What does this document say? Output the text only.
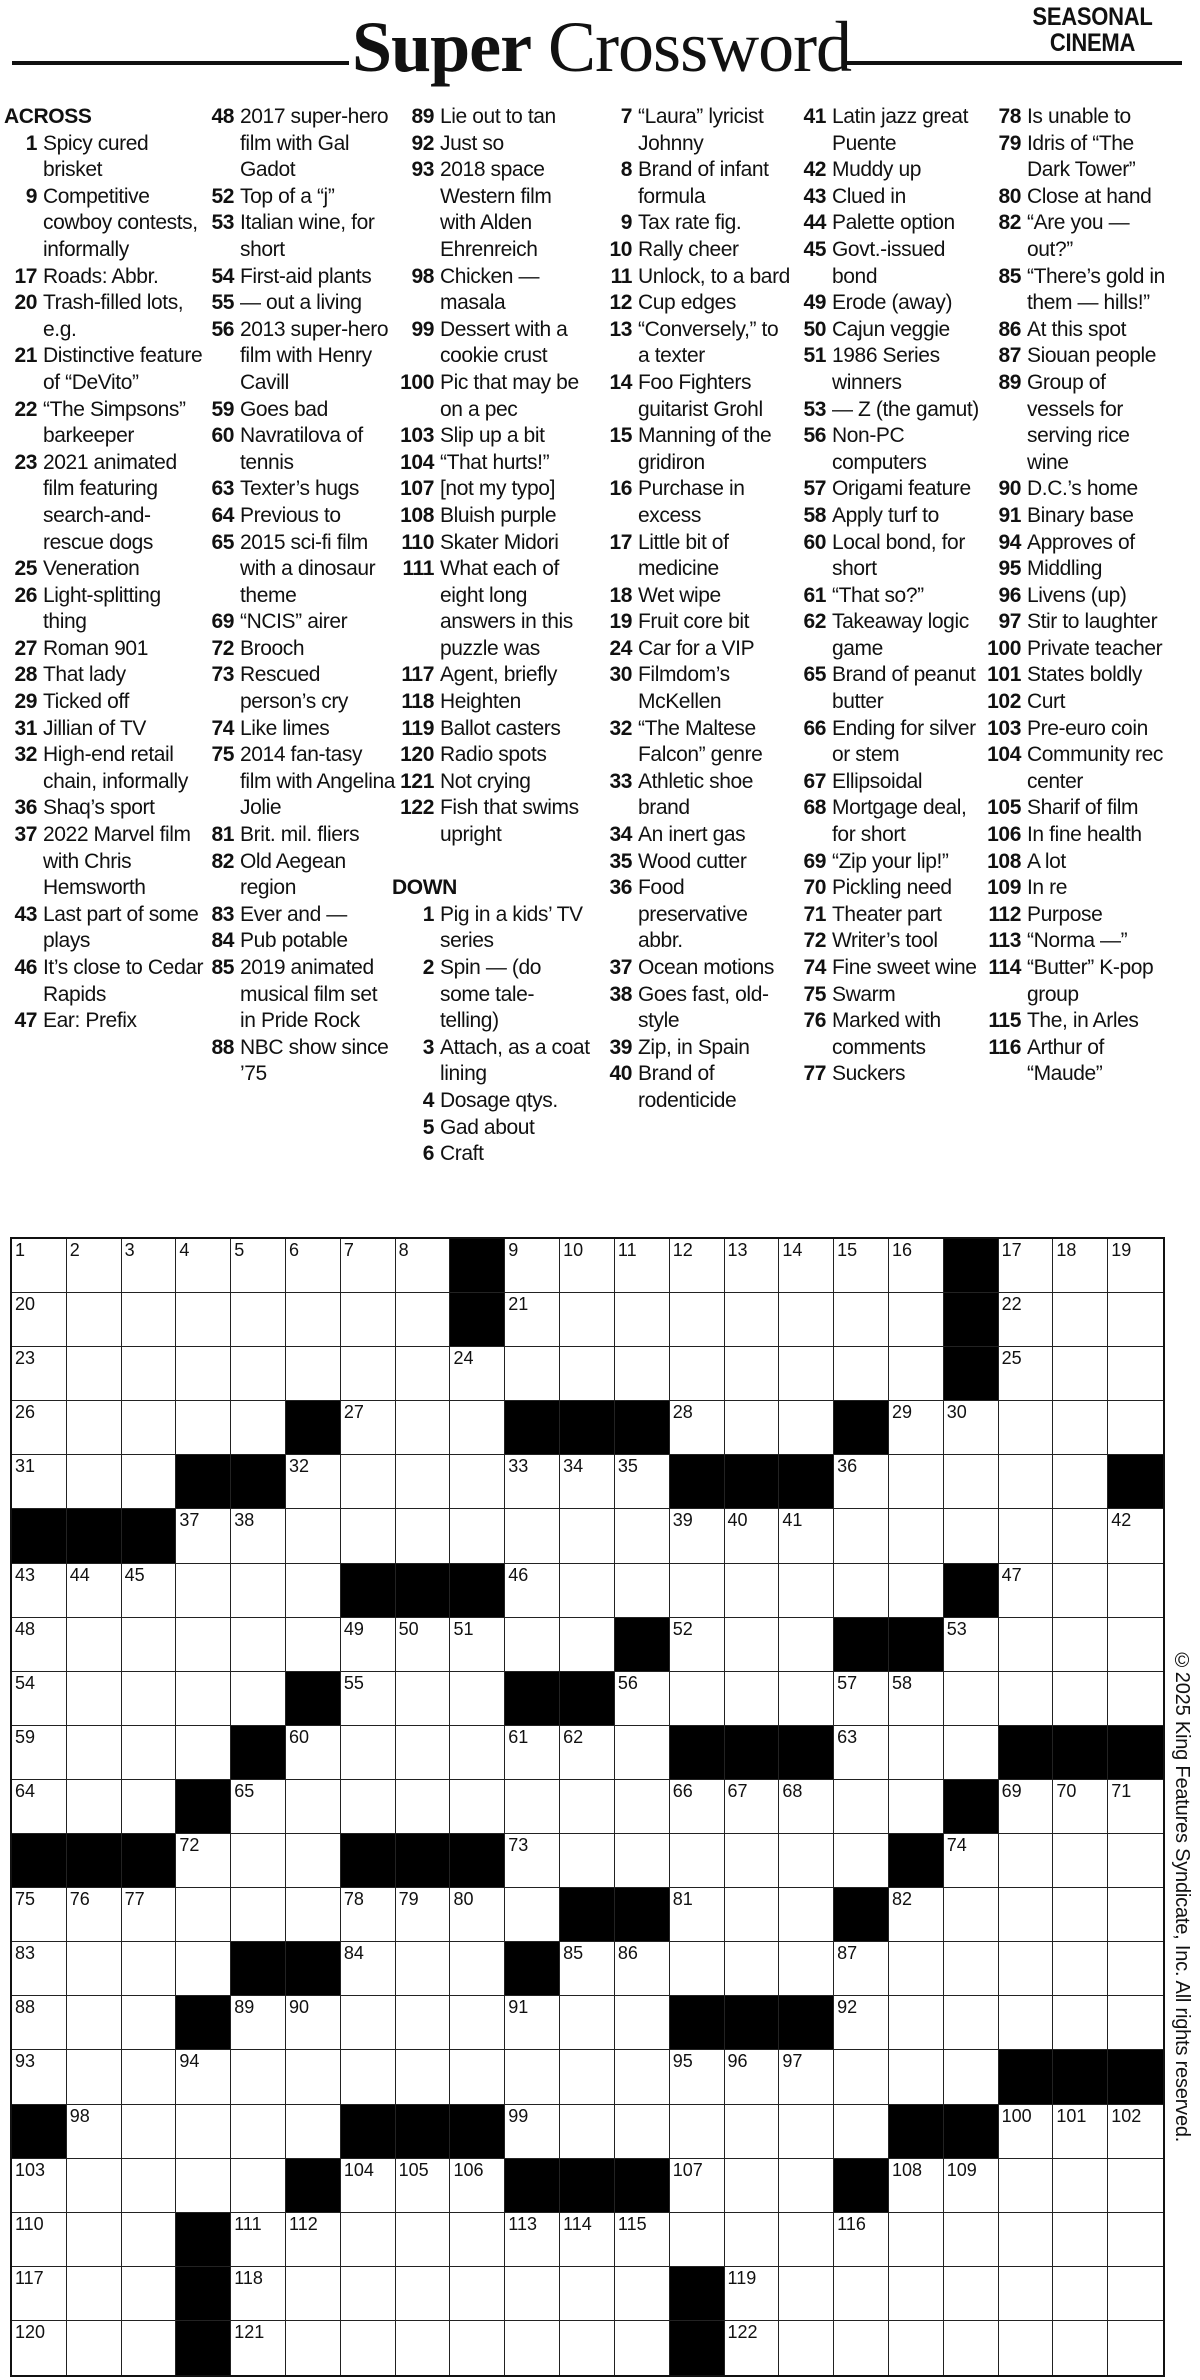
Super Crossword	SEASONAL
CINEMA
ACROSS
1 Spicy cured brisket
9 Competitive cowboy contests, informally
17 Roads: Abbr.
20 Trash-filled lots, e.g.
21 Distinctive feature of “DeVito”
22 “The Simpsons” barkeeper
23 2021 animated film featuring search-and-rescue dogs
25 Veneration
26 Light-splitting thing
27 Roman 901
28 That lady
29 Ticked off
31 Jillian of TV
32 High-end retail chain, informally
36 Shaq’s sport
37 2022 Marvel film with Chris Hemsworth
43 Last part of some plays
46 It’s close to Cedar Rapids
47 Ear: Prefix
48 2017 super-hero film with Gal Gadot
52 Top of a “j”
53 Italian wine, for short
54 First-aid plants
55 — out a living
56 2013 super-hero film with Henry Cavill
59 Goes bad
60 Navratilova of tennis
63 Texter’s hugs
64 Previous to
65 2015 sci-fi film with a dinosaur theme
69 “NCIS” airer
72 Brooch
73 Rescued person’s cry
74 Like limes
75 2014 fan-tasy film with Angelina Jolie
81 Brit. mil. fliers
82 Old Aegean region
83 Ever and —
84 Pub potable
85 2019 animated musical film set in Pride Rock
88 NBC show since ’75
89 Lie out to tan
92 Just so
93 2018 space Western film with Alden Ehrenreich
98 Chicken — masala
99 Dessert with a cookie crust
100 Pic that may be on a pec
103 Slip up a bit
104 “That hurts!”
107 [not my typo]
108 Bluish purple
110 Skater Midori
111 What each of eight long answers in this puzzle was
117 Agent, briefly
118 Heighten
119 Ballot casters
120 Radio spots
121 Not crying
122 Fish that swims upright
DOWN
1 Pig in a kids’ TV series
2 Spin — (do some tale-telling)
3 Attach, as a coat lining
4 Dosage qtys.
5 Gad about
6 Craft
7 “Laura” lyricist Johnny
8 Brand of infant formula
9 Tax rate fig.
10 Rally cheer
11 Unlock, to a bard
12 Cup edges
13 “Conversely,” to a texter
14 Foo Fighters guitarist Grohl
15 Manning of the gridiron
16 Purchase in excess
17 Little bit of medicine
18 Wet wipe
19 Fruit core bit
24 Car for a VIP
30 Filmdom’s McKellen
32 “The Maltese Falcon” genre
33 Athletic shoe brand
34 An inert gas
35 Wood cutter
36 Food preservative abbr.
37 Ocean motions
38 Goes fast, old-style
39 Zip, in Spain
40 Brand of rodenticide
41 Latin jazz great Puente
42 Muddy up
43 Clued in
44 Palette option
45 Govt.-issued bond
49 Erode (away)
50 Cajun veggie
51 1986 Series winners
53 — Z (the gamut)
56 Non-PC computers
57 Origami feature
58 Apply turf to
60 Local bond, for short
61 “That so?”
62 Takeaway logic game
65 Brand of peanut butter
66 Ending for silver or stem
67 Ellipsoidal
68 Mortgage deal, for short
69 “Zip your lip!”
70 Pickling need
71 Theater part
72 Writer’s tool
74 Fine sweet wine
75 Swarm
76 Marked with comments
77 Suckers
78 Is unable to
79 Idris of “The Dark Tower”
80 Close at hand
82 “Are you — out?”
85 “There’s gold in them — hills!”
86 At this spot
87 Siouan people
89 Group of vessels for serving rice wine
90 D.C.’s home
91 Binary base
94 Approves of
95 Middling
96 Livens (up)
97 Stir to laughter
100 Private teacher
101 States boldly
102 Curt
103 Pre-euro coin
104 Community rec center
105 Sharif of film
106 In fine health
108 A lot
109 In re
112 Purpose
113 “Norma —”
114 “Butter” K-pop group
115 The, in Arles
116 Arthur of “Maude”
1 2 3 4 5 6 7 8	9 10 11 12 13 14 15 16	17 18 19
20	21	22
23	24	25
26	27	28	29 30
31	32	33 34 35	36
37 38	39 40 41	42
43 44 45	46	47
48	49 50 51	52	53
54	55	56	57 58
59	60	61 62	63
64	65	66 67 68	69 70 71
72	73	74
75 76 77	78 79 80	81	82
83	84	85 86	87
88	89 90	91	92
93	94	95 96 97
98	99	100 101 102
103	104 105 106	107	108 109
110	111 112	113 114 115	116
117	118	119
120	121	122
©2025 King Features Syndicate, Inc. All rights reserved.
